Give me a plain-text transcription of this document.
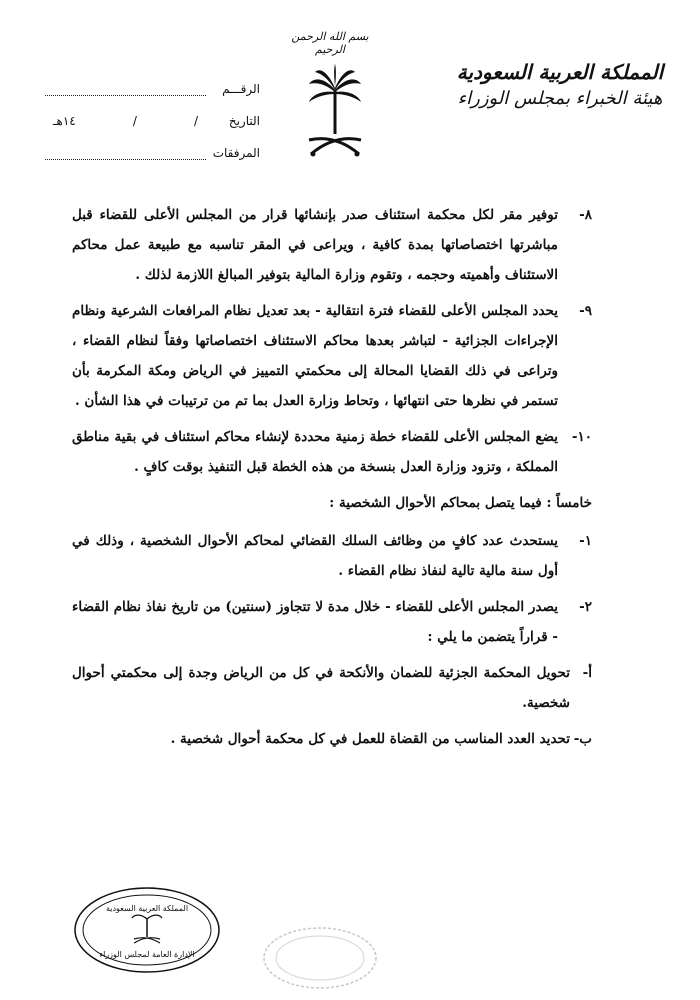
بسم الله الرحمن الرحيم
المملكة العربية السعودية
هيئة الخبراء بمجلس الوزراء
الرقـــم
التاريخ
/
/
١٤هـ
المرفقات
٨-
توفير مقر لكل محكمة استئناف صدر بإنشائها قرار من المجلس الأعلى للقضاء قبل مباشرتها اختصاصاتها بمدة كافية ، ويراعى في المقر تناسبه مع طبيعة عمل محاكم الاستئناف وأهميته وحجمه ، وتقوم وزارة المالية بتوفير المبالغ اللازمة لذلك .
٩-
يحدد المجلس الأعلى للقضاء فترة انتقالية - بعد تعديل نظام المرافعات الشرعية ونظام الإجراءات الجزائية - لتباشر بعدها محاكم الاستئناف اختصاصاتها وفقاً لنظام القضاء ، وتراعى في ذلك القضايا المحالة إلى محكمتي التمييز في الرياض ومكة المكرمة بأن تستمر في نظرها حتى انتهائها ، وتحاط وزارة العدل بما تم من ترتيبات في هذا الشأن .
١٠-
يضع المجلس الأعلى للقضاء خطة زمنية محددة لإنشاء محاكم استئناف في بقية مناطق المملكة ، وتزود وزارة العدل بنسخة من هذه الخطة قبل التنفيذ بوقت كافٍ .
خامساً : فيما يتصل بمحاكم الأحوال الشخصية :
١-
يستحدث عدد كافٍ من وظائف السلك القضائي لمحاكم الأحوال الشخصية ، وذلك في أول سنة مالية تالية لنفاذ نظام القضاء .
٢-
يصدر المجلس الأعلى للقضاء - خلال مدة لا تتجاوز (سنتين) من تاريخ نفاذ نظام القضاء - قراراً يتضمن ما يلي :
أ-
تحويل المحكمة الجزئية للضمان والأنكحة في كل من الرياض وجدة إلى محكمتي أحوال شخصية.
ب-
تحديد العدد المناسب من القضاة للعمل في كل محكمة أحوال شخصية .
المملكة العربية السعودية
الإدارة العامة لمجلس الوزراء
